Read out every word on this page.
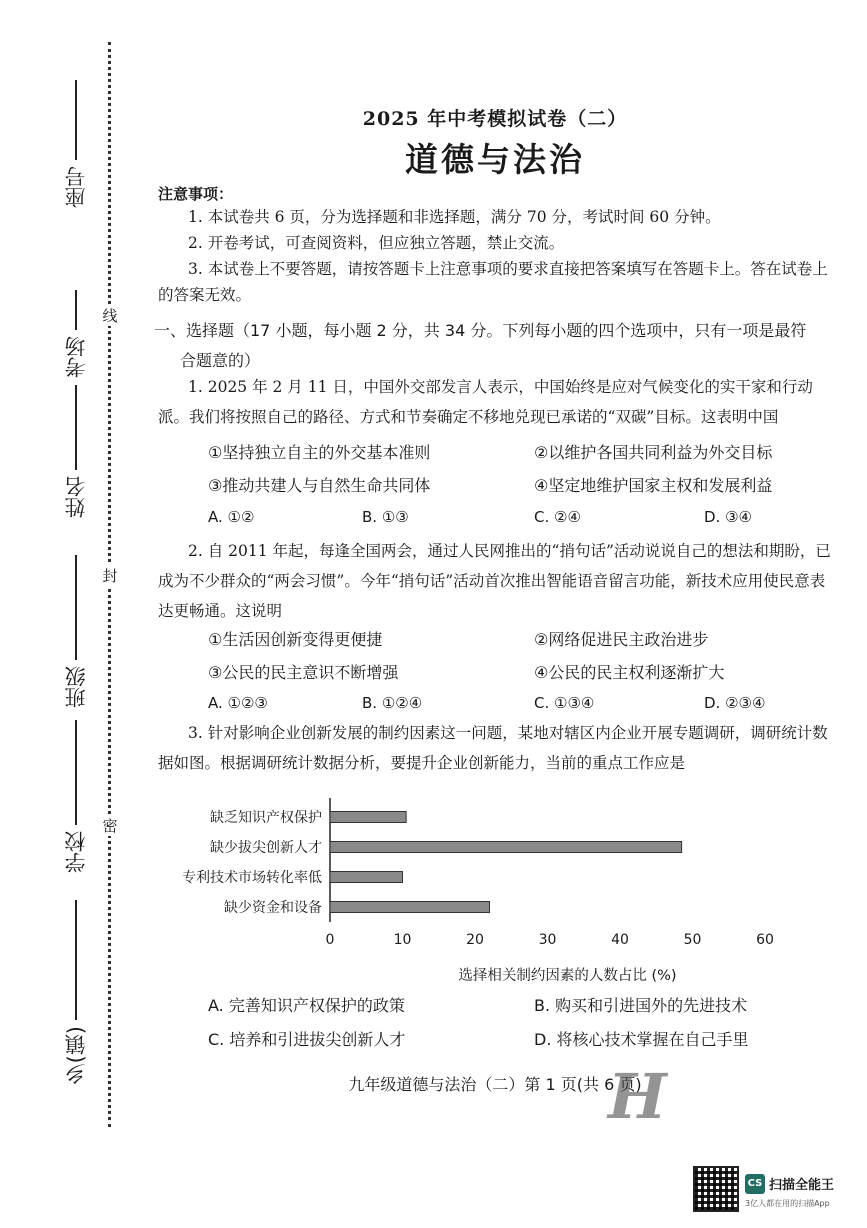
座号
考场
姓名
班级
学校
乡(镇)
线
封
密
2025 年中考模拟试卷（二）
道德与法治
注意事项：
1. 本试卷共 6 页，分为选择题和非选择题，满分 70 分，考试时间 60 分钟。
2. 开卷考试，可查阅资料，但应独立答题，禁止交流。
3. 本试卷上不要答题，请按答题卡上注意事项的要求直接把答案填写在答题卡上。答在试卷上的答案无效。
一、选择题（17 小题，每小题 2 分，共 34 分。下列每小题的四个选项中，只有一项是最符
合题意的）
1. 2025 年 2 月 11 日，中国外交部发言人表示，中国始终是应对气候变化的实干家和行动派。我们将按照自己的路径、方式和节奏确定不移地兑现已承诺的“双碳”目标。这表明中国
①坚持独立自主的外交基本准则	②以维护各国共同利益为外交目标
③推动共建人与自然生命共同体	④坚定地维护国家主权和发展利益
A. ①②	B. ①③	C. ②④	D. ③④
2. 自 2011 年起，每逢全国两会，通过人民网推出的“捎句话”活动说说自己的想法和期盼，已成为不少群众的“两会习惯”。今年“捎句话”活动首次推出智能语音留言功能，新技术应用使民意表达更畅通。这说明
①生活因创新变得更便捷	②网络促进民主政治进步
③公民的民主意识不断增强	④公民的民主权利逐渐扩大
A. ①②③	B. ①②④	C. ①③④	D. ②③④
3. 针对影响企业创新发展的制约因素这一问题，某地对辖区内企业开展专题调研，调研统计数据如图。根据调研统计数据分析，要提升企业创新能力，当前的重点工作应是
缺乏知识产权保护
缺少拔尖创新人才
专利技术市场转化率低
缺少资金和设备
0	10	20	30	40	50	60
选择相关制约因素的人数占比 (%)
A. 完善知识产权保护的政策	B. 购买和引进国外的先进技术
C. 培养和引进拔尖创新人才	D. 将核心技术掌握在自己手里
九年级道德与法治（二）第 1 页(共 6 页)
H
CS 扫描全能王
3亿人都在用的扫描App
